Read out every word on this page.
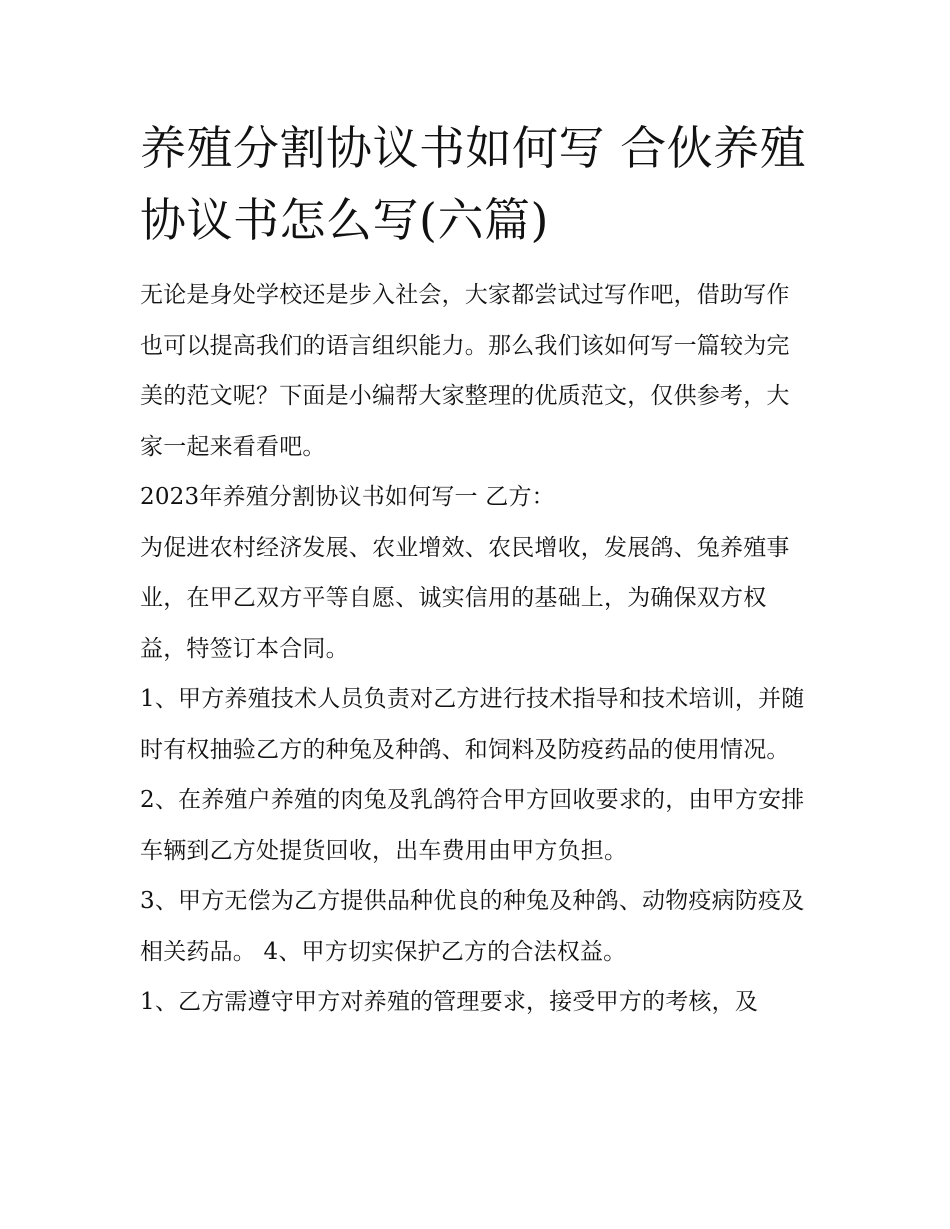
养殖分割协议书如何写 合伙养殖协议书怎么写(六篇)

无论是身处学校还是步入社会，大家都尝试过写作吧，借助写作也可以提高我们的语言组织能力。那么我们该如何写一篇较为完美的范文呢？下面是小编帮大家整理的优质范文，仅供参考，大家一起来看看吧。

2023年养殖分割协议书如何写一 乙方：

为促进农村经济发展、农业增效、农民增收，发展鸽、兔养殖事业，在甲乙双方平等自愿、诚实信用的基础上，为确保双方权益，特签订本合同。

1、甲方养殖技术人员负责对乙方进行技术指导和技术培训，并随时有权抽验乙方的种兔及种鸽、和饲料及防疫药品的使用情况。

2、在养殖户养殖的肉兔及乳鸽符合甲方回收要求的，由甲方安排车辆到乙方处提货回收，出车费用由甲方负担。

3、甲方无偿为乙方提供品种优良的种兔及种鸽、动物疫病防疫及相关药品。 4、甲方切实保护乙方的合法权益。

1、乙方需遵守甲方对养殖的管理要求，接受甲方的考核，及
